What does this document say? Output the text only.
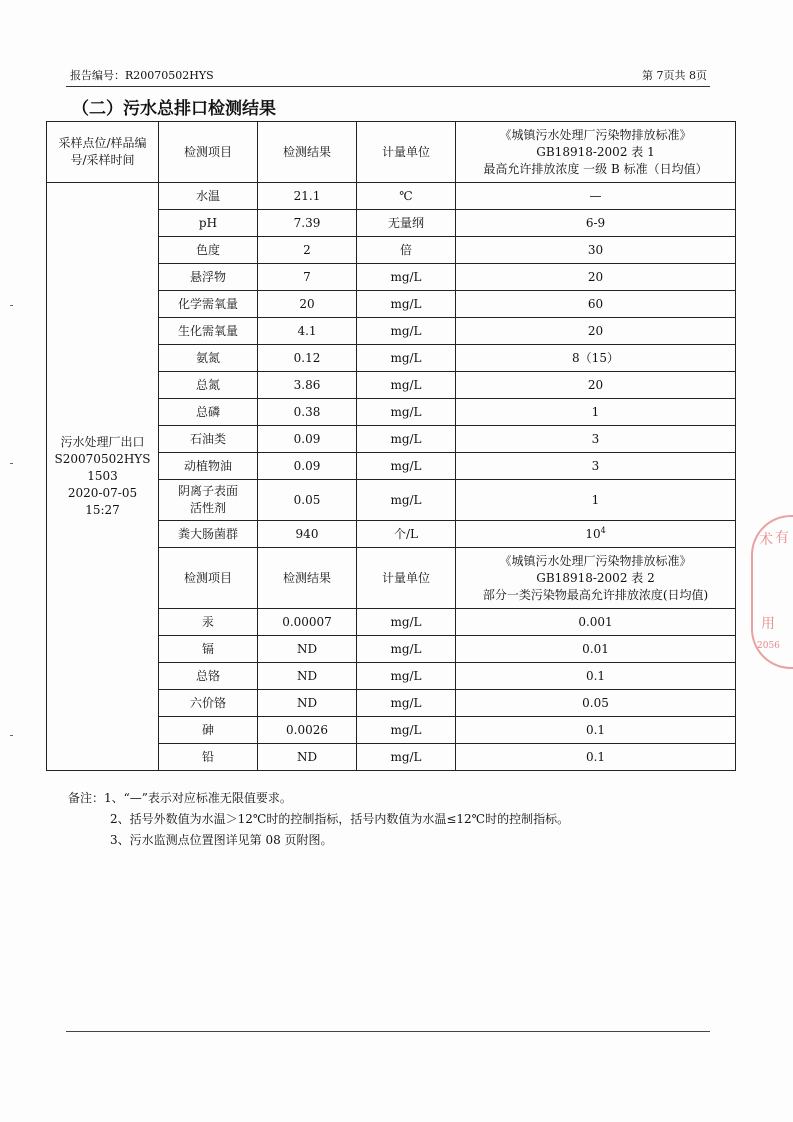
报告编号：R20070502HYS	第 7页共 8页
（二）污水总排口检测结果
采样点位/样品编号/采样时间	检测项目	检测结果	计量单位	《城镇污水处理厂污染物排放标准》
GB18918-2002 表 1
最高允许排放浓度 一级 B 标准（日均值）

污水处理厂出口
S20070502HYS
1503
2020-07-05
15:27	水温	21.1	℃	—
	pH	7.39	无量纲	6-9
	色度	2	倍	30
	悬浮物	7	mg/L	20
	化学需氧量	20	mg/L	60
	生化需氧量	4.1	mg/L	20
	氨氮	0.12	mg/L	8（15）
	总氮	3.86	mg/L	20
	总磷	0.38	mg/L	1
	石油类	0.09	mg/L	3
	动植物油	0.09	mg/L	3

	阴离子表面
活性剂	0.05	mg/L	1
	粪大肠菌群	940	个/L	$10^4$
	检测项目	检测结果	计量单位	《城镇污水处理厂污染物排放标准》
GB18918-2002 表 2
部分一类污染物最高允许排放浓度(日均值)

	汞	0.00007	mg/L	0.001
	镉	ND	mg/L	0.01
	总铬	ND	mg/L	0.1
	六价铬	ND	mg/L	0.05
	砷	0.0026	mg/L	0.1
	铅	ND	mg/L	0.1
备注：1、“—”表示对应标准无限值要求。
2、括号外数值为水温＞12℃时的控制指标，括号内数值为水温≤12℃时的控制指标。
3、污水监测点位置图详见第 08 页附图。
术 有
用
2056
